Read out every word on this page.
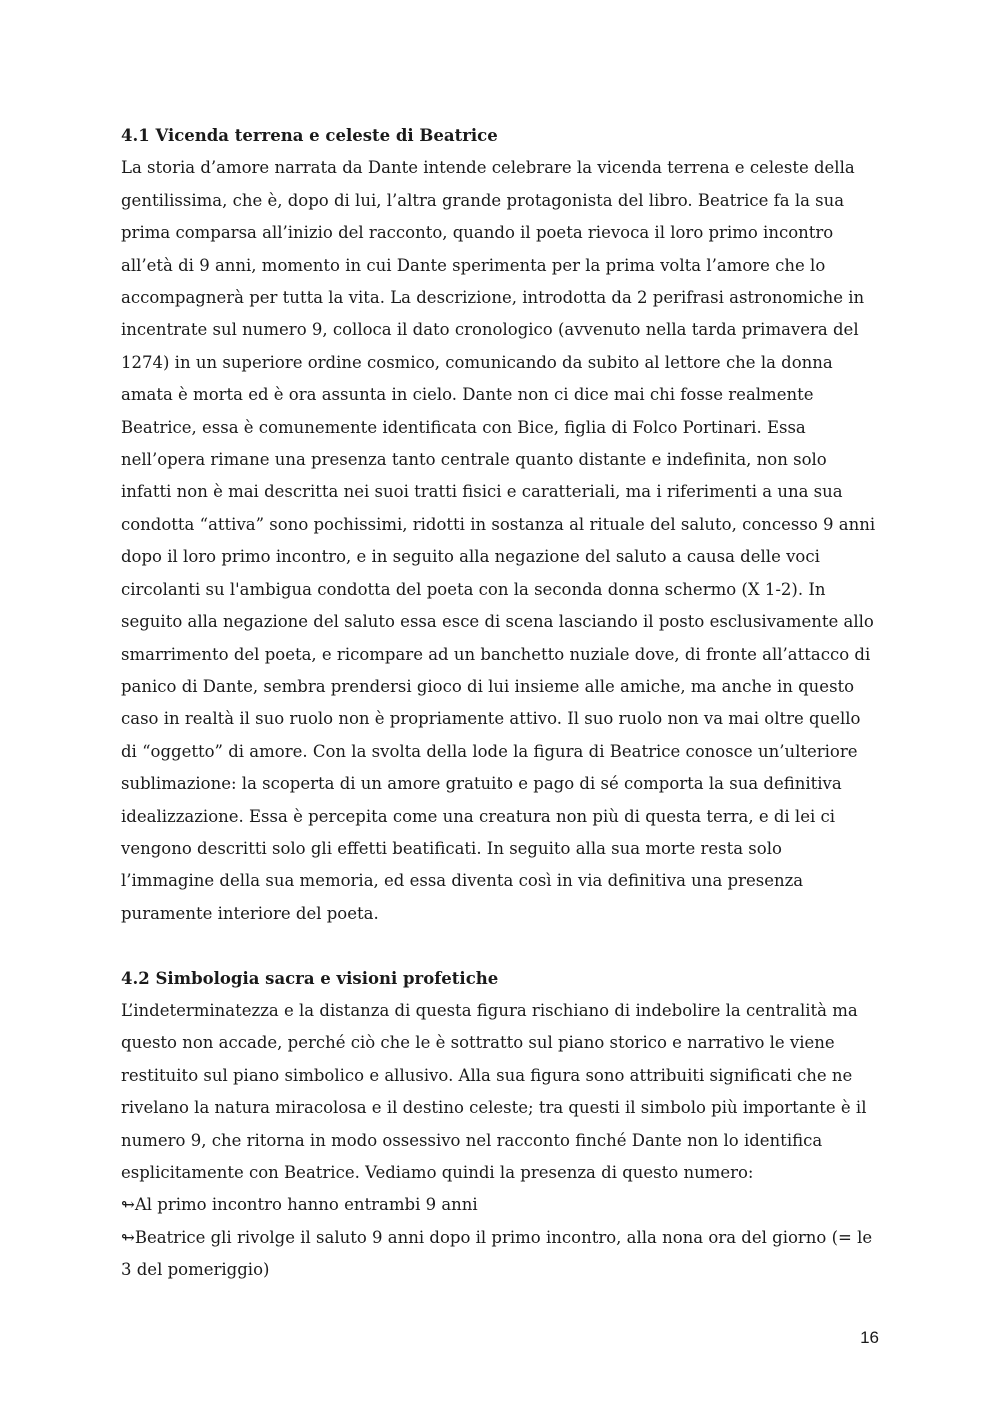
4.1 Vicenda terrena e celeste di Beatrice

La storia d’amore narrata da Dante intende celebrare la vicenda terrena e celeste della gentilissima, che è, dopo di lui, l’altra grande protagonista del libro. Beatrice fa la sua prima comparsa all’inizio del racconto, quando il poeta rievoca il loro primo incontro all’età di 9 anni, momento in cui Dante sperimenta per la prima volta l’amore che lo accompagnerà per tutta la vita. La descrizione, introdotta da 2 perifrasi astronomiche in incentrate sul numero 9, colloca il dato cronologico (avvenuto nella tarda primavera del 1274) in un superiore ordine cosmico, comunicando da subito al lettore che la donna amata è morta ed è ora assunta in cielo. Dante non ci dice mai chi fosse realmente Beatrice, essa è comunemente identificata con Bice, figlia di Folco Portinari. Essa nell’opera rimane una presenza tanto centrale quanto distante e indefinita, non solo infatti non è mai descritta nei suoi tratti fisici e caratteriali, ma i riferimenti a una sua condotta “attiva” sono pochissimi, ridotti in sostanza al rituale del saluto, concesso 9 anni dopo il loro primo incontro, e in seguito alla negazione del saluto a causa delle voci circolanti su l'ambigua condotta del poeta con la seconda donna schermo (X 1-2). In seguito alla negazione del saluto essa esce di scena lasciando il posto esclusivamente allo smarrimento del poeta, e ricompare ad un banchetto nuziale dove, di fronte all’attacco di panico di Dante, sembra prendersi gioco di lui insieme alle amiche, ma anche in questo caso in realtà il suo ruolo non è propriamente attivo. Il suo ruolo non va mai oltre quello di “oggetto” di amore. Con la svolta della lode la figura di Beatrice conosce un’ulteriore sublimazione: la scoperta di un amore gratuito e pago di sé comporta la sua definitiva idealizzazione. Essa è percepita come una creatura non più di questa terra, e di lei ci vengono descritti solo gli effetti beatificati. In seguito alla sua morte resta solo l’immagine della sua memoria, ed essa diventa così in via definitiva una presenza puramente interiore del poeta.

4.2 Simbologia sacra e visioni profetiche

L’indeterminatezza e la distanza di questa figura rischiano di indebolire la centralità ma questo non accade, perché ciò che le è sottratto sul piano storico e narrativo le viene restituito sul piano simbolico e allusivo. Alla sua figura sono attribuiti significati che ne rivelano la natura miracolosa e il destino celeste; tra questi il simbolo più importante è il numero 9, che ritorna in modo ossessivo nel racconto finché Dante non lo identifica esplicitamente con Beatrice. Vediamo quindi la presenza di questo numero:

↬Al primo incontro hanno entrambi 9 anni

↬Beatrice gli rivolge il saluto 9 anni dopo il primo incontro, alla nona ora del giorno (= le 3 del pomeriggio)

16
